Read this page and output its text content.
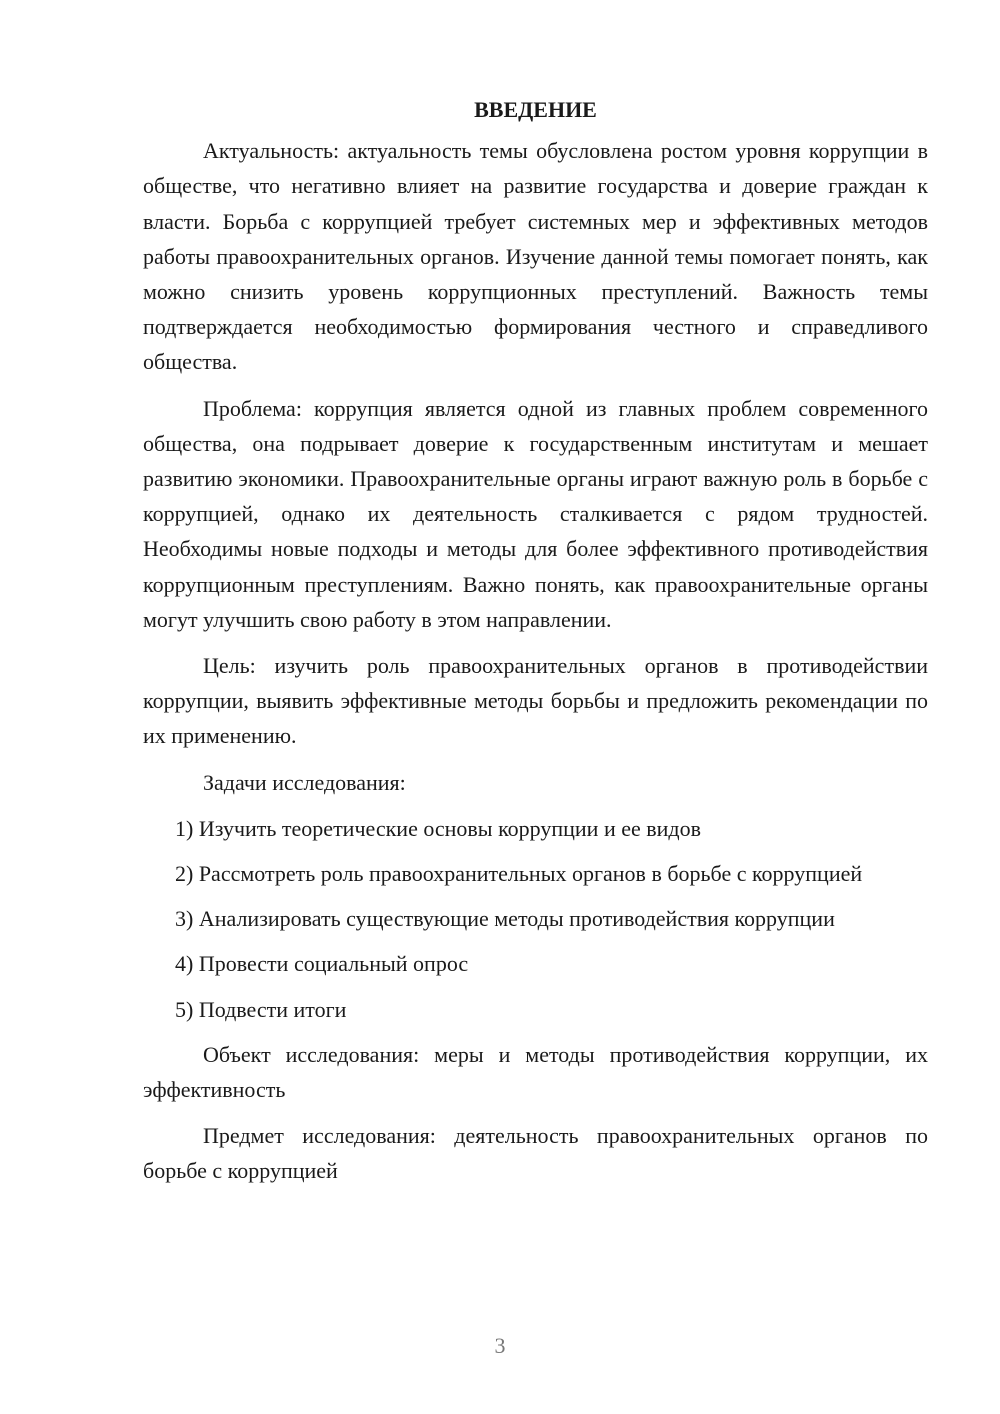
ВВЕДЕНИЕ

Актуальность: актуальность темы обусловлена ростом уровня коррупции в обществе, что негативно влияет на развитие государства и доверие граждан к власти. Борьба с коррупцией требует системных мер и эффективных методов работы правоохранительных органов. Изучение данной темы помогает понять, как можно снизить уровень коррупционных преступлений. Важность темы подтверждается необходимостью формирования честного и справедливого общества.

Проблема: коррупция является одной из главных проблем современного общества, она подрывает доверие к государственным институтам и мешает развитию экономики. Правоохранительные органы играют важную роль в борьбе с коррупцией, однако их деятельность сталкивается с рядом трудностей. Необходимы новые подходы и методы для более эффективного противодействия коррупционным преступлениям. Важно понять, как правоохранительные органы могут улучшить свою работу в этом направлении.

Цель: изучить роль правоохранительных органов в противодействии коррупции, выявить эффективные методы борьбы и предложить рекомендации по их применению.

Задачи исследования:

1) Изучить теоретические основы коррупции и ее видов

2) Рассмотреть роль правоохранительных органов в борьбе с коррупцией

3) Анализировать существующие методы противодействия коррупции

4) Провести социальный опрос

5) Подвести итоги

Объект исследования: меры и методы противодействия коррупции, их эффективность

Предмет исследования: деятельность правоохранительных органов по борьбе с коррупцией

3
